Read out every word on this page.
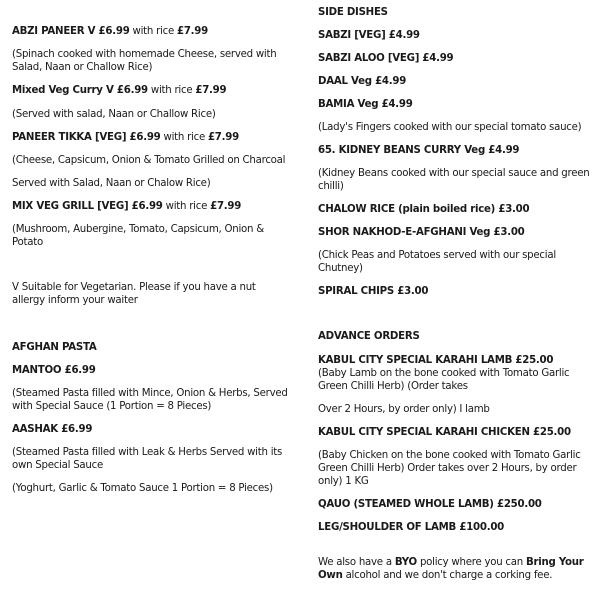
ABZI PANEER V £6.99 with rice £7.99
(Spinach cooked with homemade Cheese, served with Salad, Naan or Challow Rice)
Mixed Veg Curry V £6.99 with rice £7.99
(Served with salad, Naan or Challow Rice)
PANEER TIKKA [VEG] £6.99 with rice £7.99
(Cheese, Capsicum, Onion & Tomato Grilled on Charcoal
Served with Salad, Naan or Chalow Rice)
MIX VEG GRILL [VEG] £6.99 with rice £7.99
(Mushroom, Aubergine, Tomato, Capsicum, Onion & Potato
V Suitable for Vegetarian. Please if you have a nut allergy inform your waiter
AFGHAN PASTA
MANTOO £6.99
(Steamed Pasta filled with Mince, Onion & Herbs, Served with Special Sauce (1 Portion = 8 Pieces)
AASHAK £6.99
(Steamed Pasta filled with Leak & Herbs Served with its own Special Sauce
(Yoghurt, Garlic & Tomato Sauce 1 Portion = 8 Pieces)
SIDE DISHES
SABZI [VEG] £4.99
SABZI ALOO [VEG] £4.99
DAAL Veg £4.99
BAMIA Veg £4.99
(Lady's Fingers cooked with our special tomato sauce)
65. KIDNEY BEANS CURRY Veg £4.99
(Kidney Beans cooked with our special sauce and green chilli)
CHALOW RICE (plain boiled rice) £3.00
SHOR NAKHOD-E-AFGHANI Veg £3.00
(Chick Peas and Potatoes served with our special Chutney)
SPIRAL CHIPS £3.00
ADVANCE ORDERS
KABUL CITY SPECIAL KARAHI LAMB £25.00
(Baby Lamb on the bone cooked with Tomato Garlic Green Chilli Herb) (Order takes
Over 2 Hours, by order only) I lamb
KABUL CITY SPECIAL KARAHI CHICKEN £25.00
(Baby Chicken on the bone cooked with Tomato Garlic Green Chilli Herb) Order takes over 2 Hours, by order only) 1 KG
QAUO (STEAMED WHOLE LAMB) £250.00
LEG/SHOULDER OF LAMB £100.00
We also have a BYO policy where you can Bring Your Own alcohol and we don't charge a corking fee.
